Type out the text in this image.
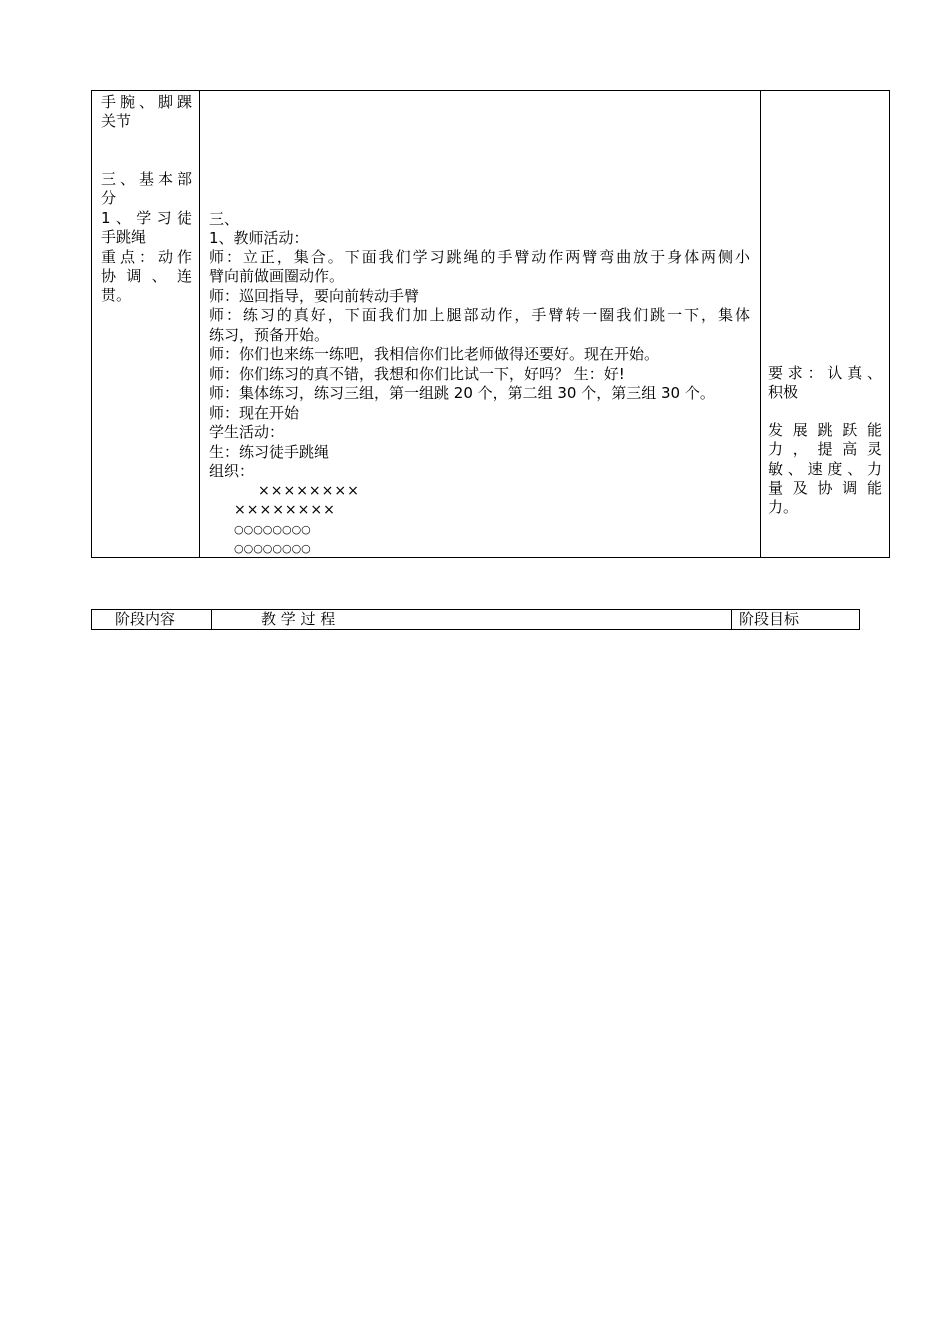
手腕、脚踝

关节

三、基本部

分

1、学习徒

手跳绳

重点：动作

协调、连

贯。

三、

1、教师活动：

师：立正，集合。下面我们学习跳绳的手臂动作两臂弯曲放于身体两侧小

臂向前做画圈动作。

师：巡回指导，要向前转动手臂

师：练习的真好，下面我们加上腿部动作，手臂转一圈我们跳一下，集体

练习，预备开始。

师：你们也来练一练吧，我相信你们比老师做得还要好。现在开始。

师：你们练习的真不错，我想和你们比试一下，好吗？ 生：好!

师：集体练习，练习三组，第一组跳 20 个，第二组 30 个，第三组 30 个。

师：现在开始

学生活动：

生：练习徒手跳绳

组织：

××××××××

××××××××

○○○○○○○○

○○○○○○○○

要求：认真、

积极

发展跳跃能

力，提高灵

敏、速度、力

量及协调能

力。

阶段内容	教 学 过 程	阶段目标
